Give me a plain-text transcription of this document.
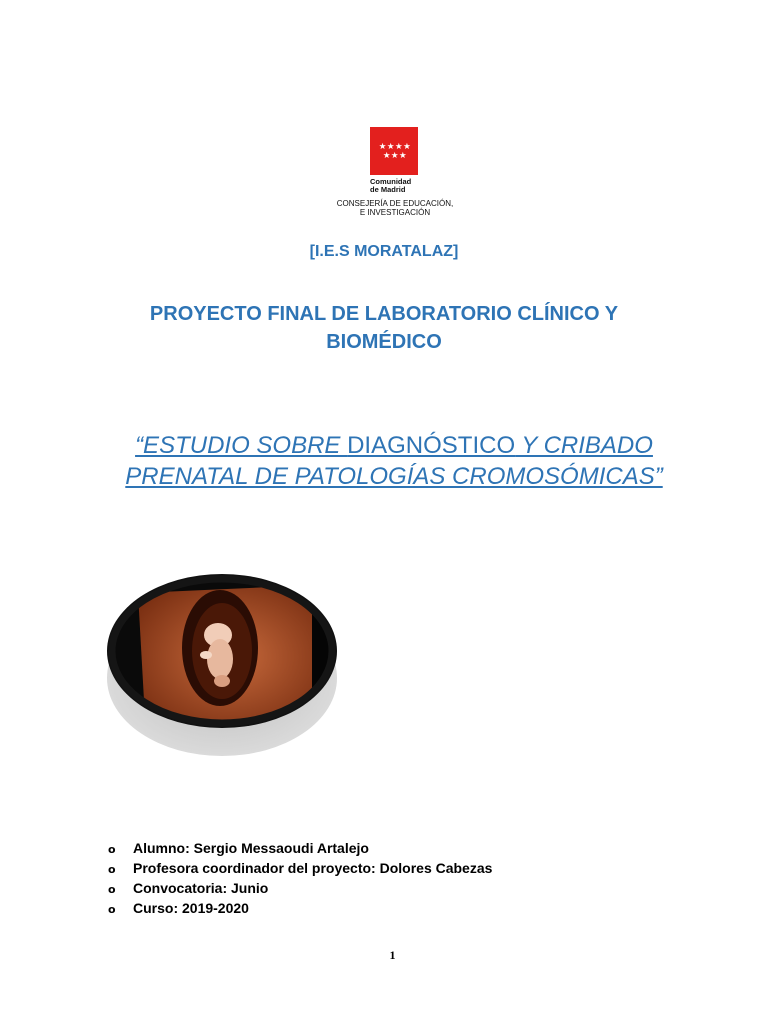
★★★★
★★★
Comunidad
de Madrid
CONSEJERÍA DE EDUCACIÓN,
E INVESTIGACIÓN
[I.E.S MORATALAZ]
PROYECTO FINAL DE LABORATORIO CLÍNICO Y BIOMÉDICO
“ESTUDIO SOBRE DIAGNÓSTICO Y CRIBADO PRENATAL DE PATOLOGÍAS CROMOSÓMICAS”
o Alumno: Sergio Messaoudi Artalejo
o Profesora coordinador del proyecto: Dolores Cabezas
o Convocatoria: Junio
o Curso: 2019-2020
1
